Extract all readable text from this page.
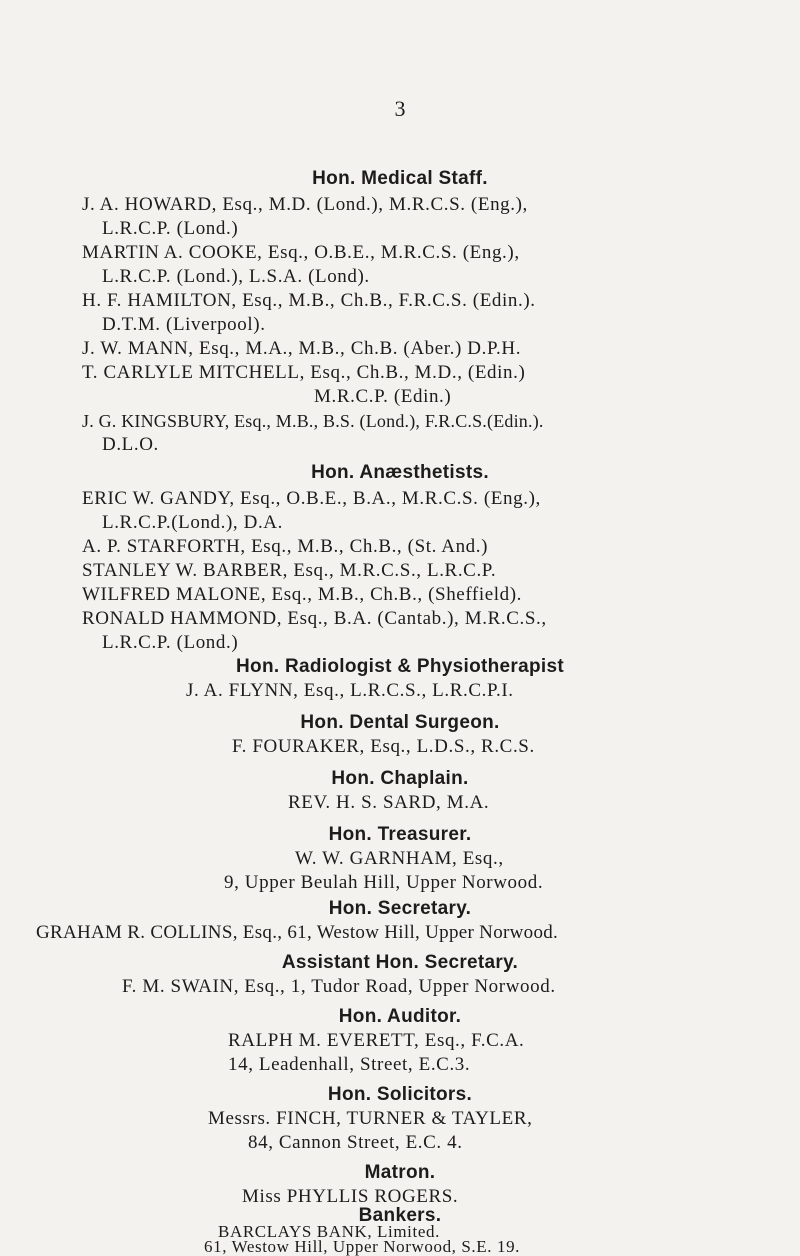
3
Hon. Medical Staff.
J. A. HOWARD, Esq., M.D. (Lond.), M.R.C.S. (Eng.),
L.R.C.P. (Lond.)
MARTIN A. COOKE, Esq., O.B.E., M.R.C.S. (Eng.),
L.R.C.P. (Lond.), L.S.A. (Lond).
H. F. HAMILTON, Esq., M.B., Ch.B., F.R.C.S. (Edin.).
D.T.M. (Liverpool).
J. W. MANN, Esq., M.A., M.B., Ch.B. (Aber.) D.P.H.
T. CARLYLE MITCHELL, Esq., Ch.B., M.D., (Edin.)
M.R.C.P. (Edin.)
J. G. KINGSBURY, Esq., M.B., B.S. (Lond.), F.R.C.S.(Edin.).
D.L.O.
Hon. Anæsthetists.
ERIC W. GANDY, Esq., O.B.E., B.A., M.R.C.S. (Eng.),
L.R.C.P.(Lond.), D.A.
A. P. STARFORTH, Esq., M.B., Ch.B., (St. And.)
STANLEY W. BARBER, Esq., M.R.C.S., L.R.C.P.
WILFRED MALONE, Esq., M.B., Ch.B., (Sheffield).
RONALD HAMMOND, Esq., B.A. (Cantab.), M.R.C.S.,
L.R.C.P. (Lond.)
Hon. Radiologist & Physiotherapist
J. A. FLYNN, Esq., L.R.C.S., L.R.C.P.I.
Hon. Dental Surgeon.
F. FOURAKER, Esq., L.D.S., R.C.S.
Hon. Chaplain.
REV. H. S. SARD, M.A.
Hon. Treasurer.
W. W. GARNHAM, Esq.,
9, Upper Beulah Hill, Upper Norwood.
Hon. Secretary.
GRAHAM R. COLLINS, Esq., 61, Westow Hill, Upper Norwood.
Assistant Hon. Secretary.
F. M. SWAIN, Esq., 1, Tudor Road, Upper Norwood.
Hon. Auditor.
RALPH M. EVERETT, Esq., F.C.A.
14, Leadenhall, Street, E.C.3.
Hon. Solicitors.
Messrs. FINCH, TURNER & TAYLER,
84, Cannon Street, E.C. 4.
Matron.
Miss PHYLLIS ROGERS.
Bankers.
BARCLAYS BANK, Limited.
61, Westow Hill, Upper Norwood, S.E. 19.
